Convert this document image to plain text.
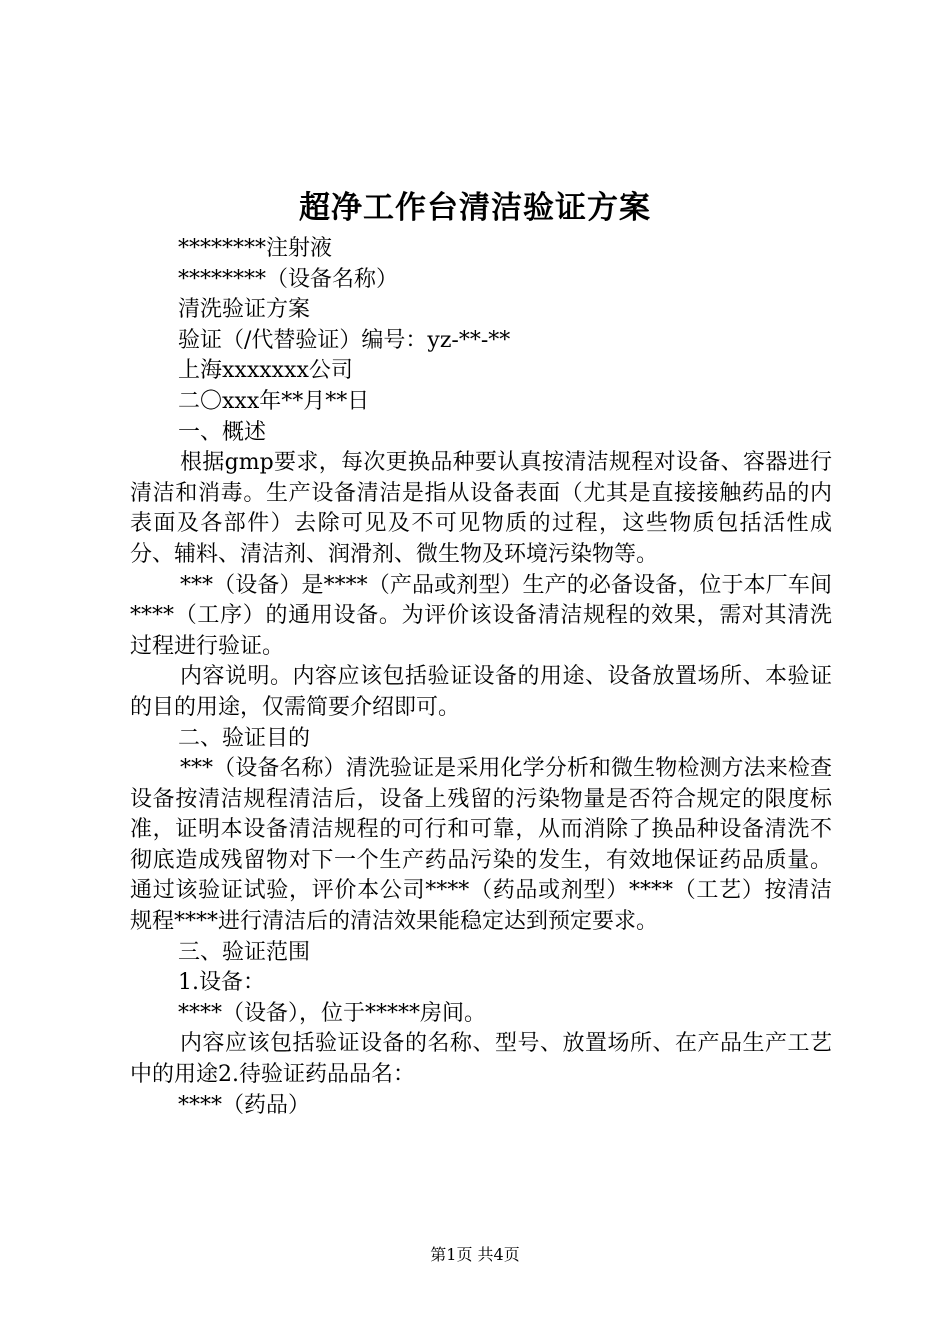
超净工作台清洁验证方案

********注射液

********（设备名称）

清洗验证方案

验证（/代替验证）编号：yz-**-**

上海xxxxxxx公司

二〇xxx年**月**日

一、概述

根据gmp要求，每次更换品种要认真按清洁规程对设备、容器进行清洁和消毒。生产设备清洁是指从设备表面（尤其是直接接触药品的内表面及各部件）去除可见及不可见物质的过程，这些物质包括活性成分、辅料、清洁剂、润滑剂、微生物及环境污染物等。

***（设备）是****（产品或剂型）生产的必备设备，位于本厂车间****（工序）的通用设备。为评价该设备清洁规程的效果，需对其清洗过程进行验证。

内容说明。内容应该包括验证设备的用途、设备放置场所、本验证的目的用途，仅需简要介绍即可。

二、验证目的

***（设备名称）清洗验证是采用化学分析和微生物检测方法来检查设备按清洁规程清洁后，设备上残留的污染物量是否符合规定的限度标准，证明本设备清洁规程的可行和可靠，从而消除了换品种设备清洗不彻底造成残留物对下一个生产药品污染的发生，有效地保证药品质量。通过该验证试验，评价本公司****（药品或剂型）****（工艺）按清洁规程****进行清洁后的清洁效果能稳定达到预定要求。

三、验证范围

1.设备：

****（设备），位于*****房间。

内容应该包括验证设备的名称、型号、放置场所、在产品生产工艺中的用途2.待验证药品品名：

****（药品）

第1页 共4页
